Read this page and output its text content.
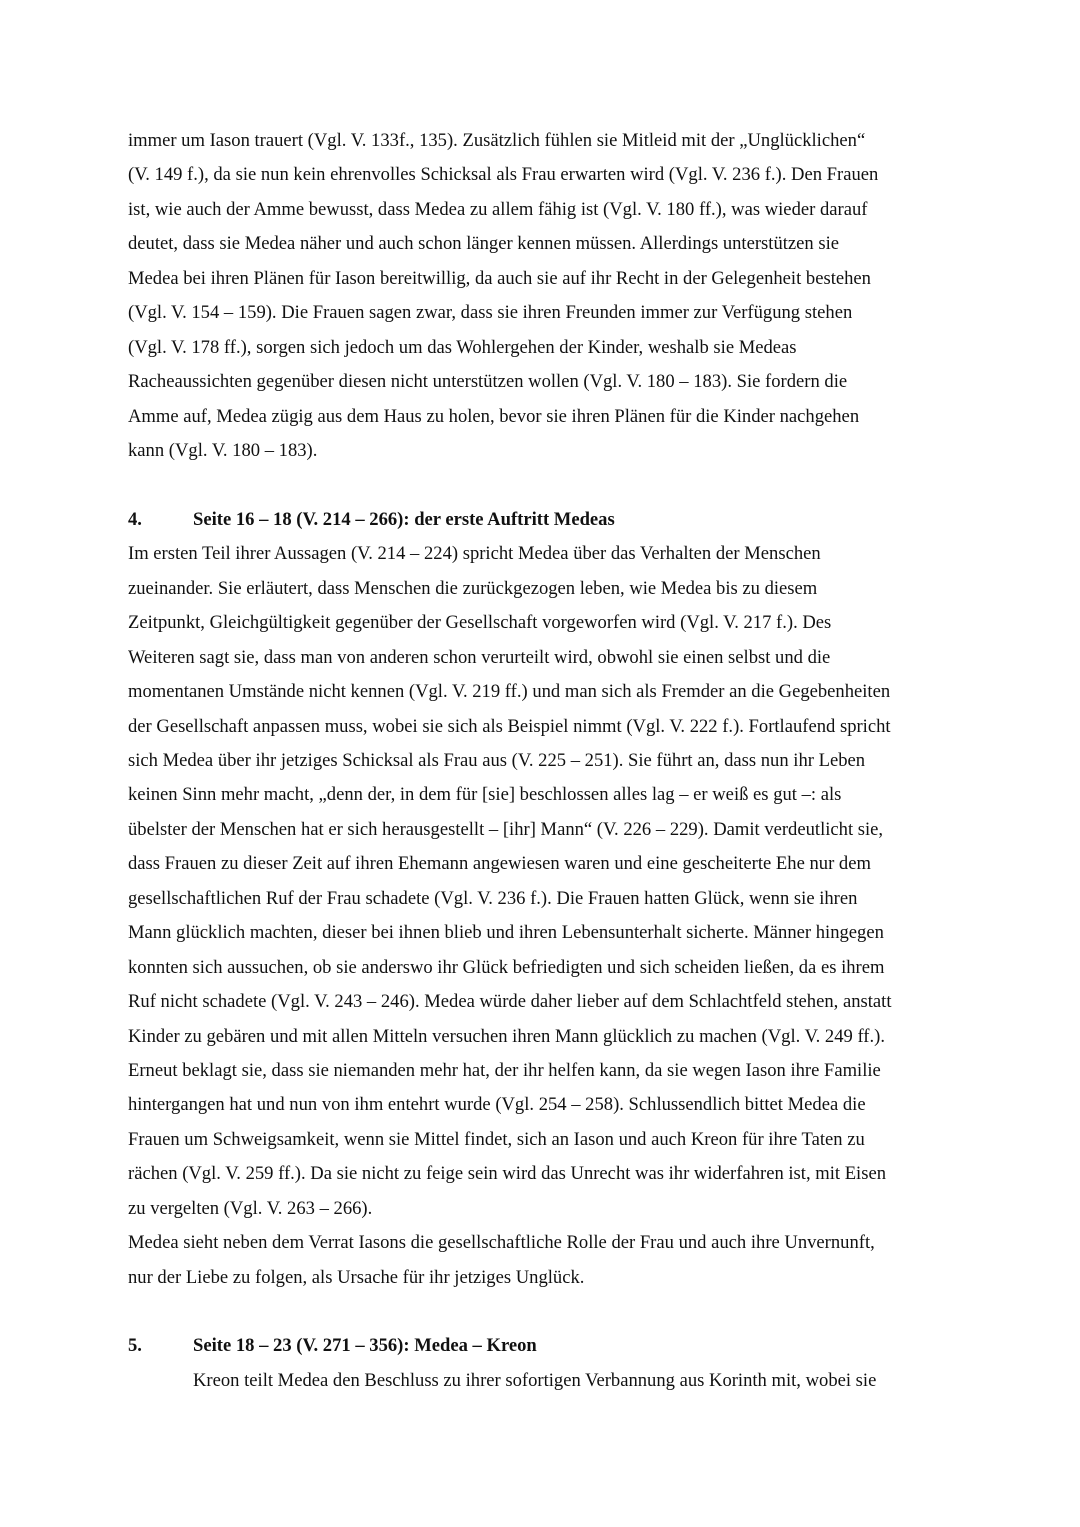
immer um Iason trauert (Vgl. V. 133f., 135). Zusätzlich fühlen sie Mitleid mit der „Unglücklichen“
(V. 149 f.), da sie nun kein ehrenvolles Schicksal als Frau erwarten wird (Vgl. V. 236 f.). Den Frauen
ist, wie auch der Amme bewusst, dass Medea zu allem fähig ist (Vgl. V. 180 ff.), was wieder darauf
deutet, dass sie Medea näher und auch schon länger kennen müssen. Allerdings unterstützen sie
Medea bei ihren Plänen für Iason bereitwillig, da auch sie auf ihr Recht in der Gelegenheit bestehen
(Vgl. V. 154 – 159). Die Frauen sagen zwar, dass sie ihren Freunden immer zur Verfügung stehen
(Vgl. V. 178 ff.), sorgen sich jedoch um das Wohlergehen der Kinder, weshalb sie Medeas
Racheaussichten gegenüber diesen nicht unterstützen wollen (Vgl. V. 180 – 183). Sie fordern die
Amme auf, Medea zügig aus dem Haus zu holen, bevor sie ihren Plänen für die Kinder nachgehen
kann (Vgl. V. 180 – 183).
4.	Seite 16 – 18 (V. 214 – 266): der erste Auftritt Medeas
Im ersten Teil ihrer Aussagen (V. 214 – 224) spricht Medea über das Verhalten der Menschen
zueinander. Sie erläutert, dass Menschen die zurückgezogen leben, wie Medea bis zu diesem
Zeitpunkt, Gleichgültigkeit gegenüber der Gesellschaft vorgeworfen wird (Vgl. V. 217 f.). Des
Weiteren sagt sie, dass man von anderen schon verurteilt wird, obwohl sie einen selbst und die
momentanen Umstände nicht kennen (Vgl. V. 219 ff.) und man sich als Fremder an die Gegebenheiten
der Gesellschaft anpassen muss, wobei sie sich als Beispiel nimmt (Vgl. V. 222 f.). Fortlaufend spricht
sich Medea über ihr jetziges Schicksal als Frau aus (V. 225 – 251). Sie führt an, dass nun ihr Leben
keinen Sinn mehr macht, „denn der, in dem für [sie] beschlossen alles lag – er weiß es gut –: als
übelster der Menschen hat er sich herausgestellt – [ihr] Mann“ (V. 226 – 229). Damit verdeutlicht sie,
dass Frauen zu dieser Zeit auf ihren Ehemann angewiesen waren und eine gescheiterte Ehe nur dem
gesellschaftlichen Ruf der Frau schadete (Vgl. V. 236 f.). Die Frauen hatten Glück, wenn sie ihren
Mann glücklich machten, dieser bei ihnen blieb und ihren Lebensunterhalt sicherte. Männer hingegen
konnten sich aussuchen, ob sie anderswo ihr Glück befriedigten und sich scheiden ließen, da es ihrem
Ruf nicht schadete (Vgl. V. 243 – 246). Medea würde daher lieber auf dem Schlachtfeld stehen, anstatt
Kinder zu gebären und mit allen Mitteln versuchen ihren Mann glücklich zu machen (Vgl. V. 249 ff.).
Erneut beklagt sie, dass sie niemanden mehr hat, der ihr helfen kann, da sie wegen Iason ihre Familie
hintergangen hat und nun von ihm entehrt wurde (Vgl. 254 – 258). Schlussendlich bittet Medea die
Frauen um Schweigsamkeit, wenn sie Mittel findet, sich an Iason und auch Kreon für ihre Taten zu
rächen (Vgl. V. 259 ff.). Da sie nicht zu feige sein wird das Unrecht was ihr widerfahren ist, mit Eisen
zu vergelten (Vgl. V. 263 – 266).
Medea sieht neben dem Verrat Iasons die gesellschaftliche Rolle der Frau und auch ihre Unvernunft,
nur der Liebe zu folgen, als Ursache für ihr jetziges Unglück.
5.	Seite 18 – 23 (V. 271 – 356): Medea – Kreon
Kreon teilt Medea den Beschluss zu ihrer sofortigen Verbannung aus Korinth mit, wobei sie
